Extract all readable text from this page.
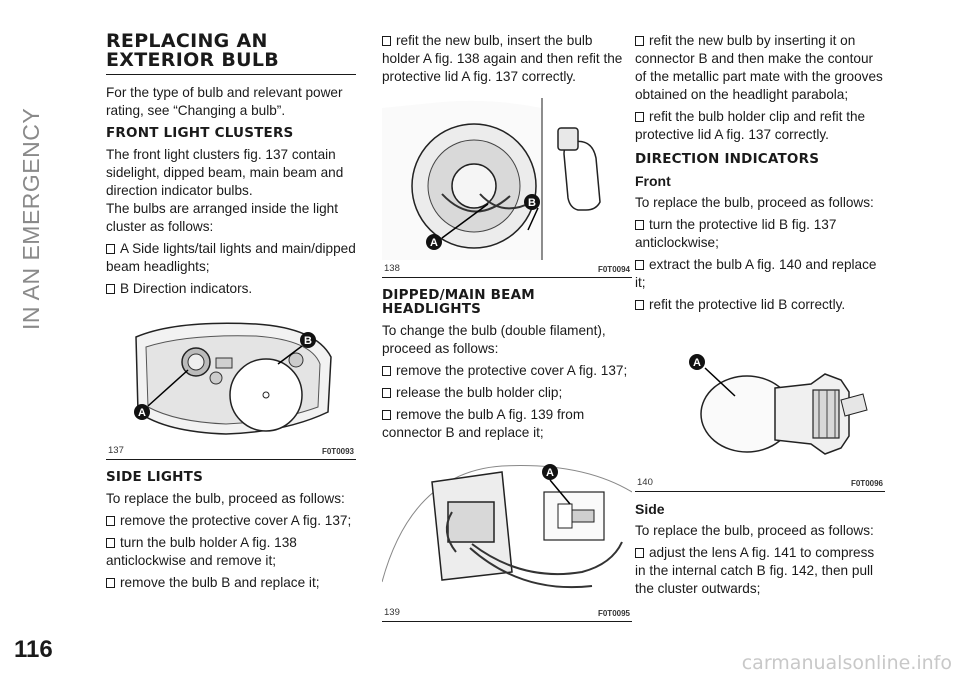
IN AN EMERGENCY
116	carmanualsonline.info
REPLACING AN
EXTERIOR BULB

For the type of bulb and relevant power rating, see “Changing a bulb”.

FRONT LIGHT CLUSTERS

The front light clusters fig. 137 contain sidelight, dipped beam, main beam and direction indicator bulbs.

The bulbs are arranged inside the light cluster as follows:

A Side lights/tail lights and main/dipped beam headlights;

B Direction indicators.

A
B
137	F0T0093
SIDE LIGHTS

To replace the bulb, proceed as follows:

remove the protective cover A fig. 137;

turn the bulb holder A fig. 138 anticlockwise and remove it;

remove the bulb B and replace it;

refit the new bulb, insert the bulb holder A fig. 138 again and then refit the protective lid A fig. 137 correctly.

A
B
138	F0T0094
DIPPED/MAIN BEAM
HEADLIGHTS

To change the bulb (double filament), proceed as follows:

remove the protective cover A fig. 137;

release the bulb holder clip;

remove the bulb A fig. 139 from connector B and replace it;

A
139	F0T0095

refit the new bulb by inserting it on connector B and then make the contour of the metallic part mate with the grooves obtained on the headlight parabola;

refit the bulb holder clip and refit the protective lid A fig. 137 correctly.

DIRECTION INDICATORS
Front

To replace the bulb, proceed as follows:

turn the protective lid B fig. 137 anticlockwise;

extract the bulb A fig. 140 and replace it;

refit the protective lid B correctly.

A
140	F0T0096
Side

To replace the bulb, proceed as follows:

adjust the lens A fig. 141 to compress in the internal catch B fig. 142, then pull the cluster outwards;
